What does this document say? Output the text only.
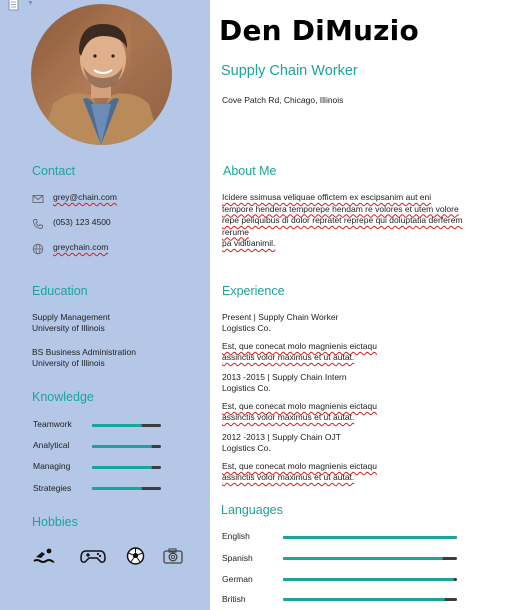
▼
Contact
grey@chain.com
(053) 123 4500
greychain.com
Education
Supply Management
University of Illinois
BS Business Administration
University of Illinois
Knowledge
Teamwork
Analytical
Managing
Strategies
Hobbies
Den DiMuzio
Supply Chain Worker
Cove Patch Rd, Chicago, Illinois
About Me
Icidere ssimusa veliquae offictem ex escipsanim aut eni tempore hendera temporepe hendam re volores et utem volore repe peliquibus di dolor repratet reprepe qui doluptatia derferem rerume
pa viditianimil.
Experience
Present | Supply Chain Worker
Logistics Co.
Est, que conecat molo magnienis eictaqu
assinctis volor maximus et ut autat.
2013 -2015 | Supply Chain Intern
Logistics Co.
Est, que conecat molo magnienis eictaqu
assinctis volor maximus et ut autat.
2012 -2013 | Supply Chain OJT
Logistics Co.
Est, que conecat molo magnienis eictaqu
assinctis volor maximus et ut autat.
Languages
English
Spanish
German
British
